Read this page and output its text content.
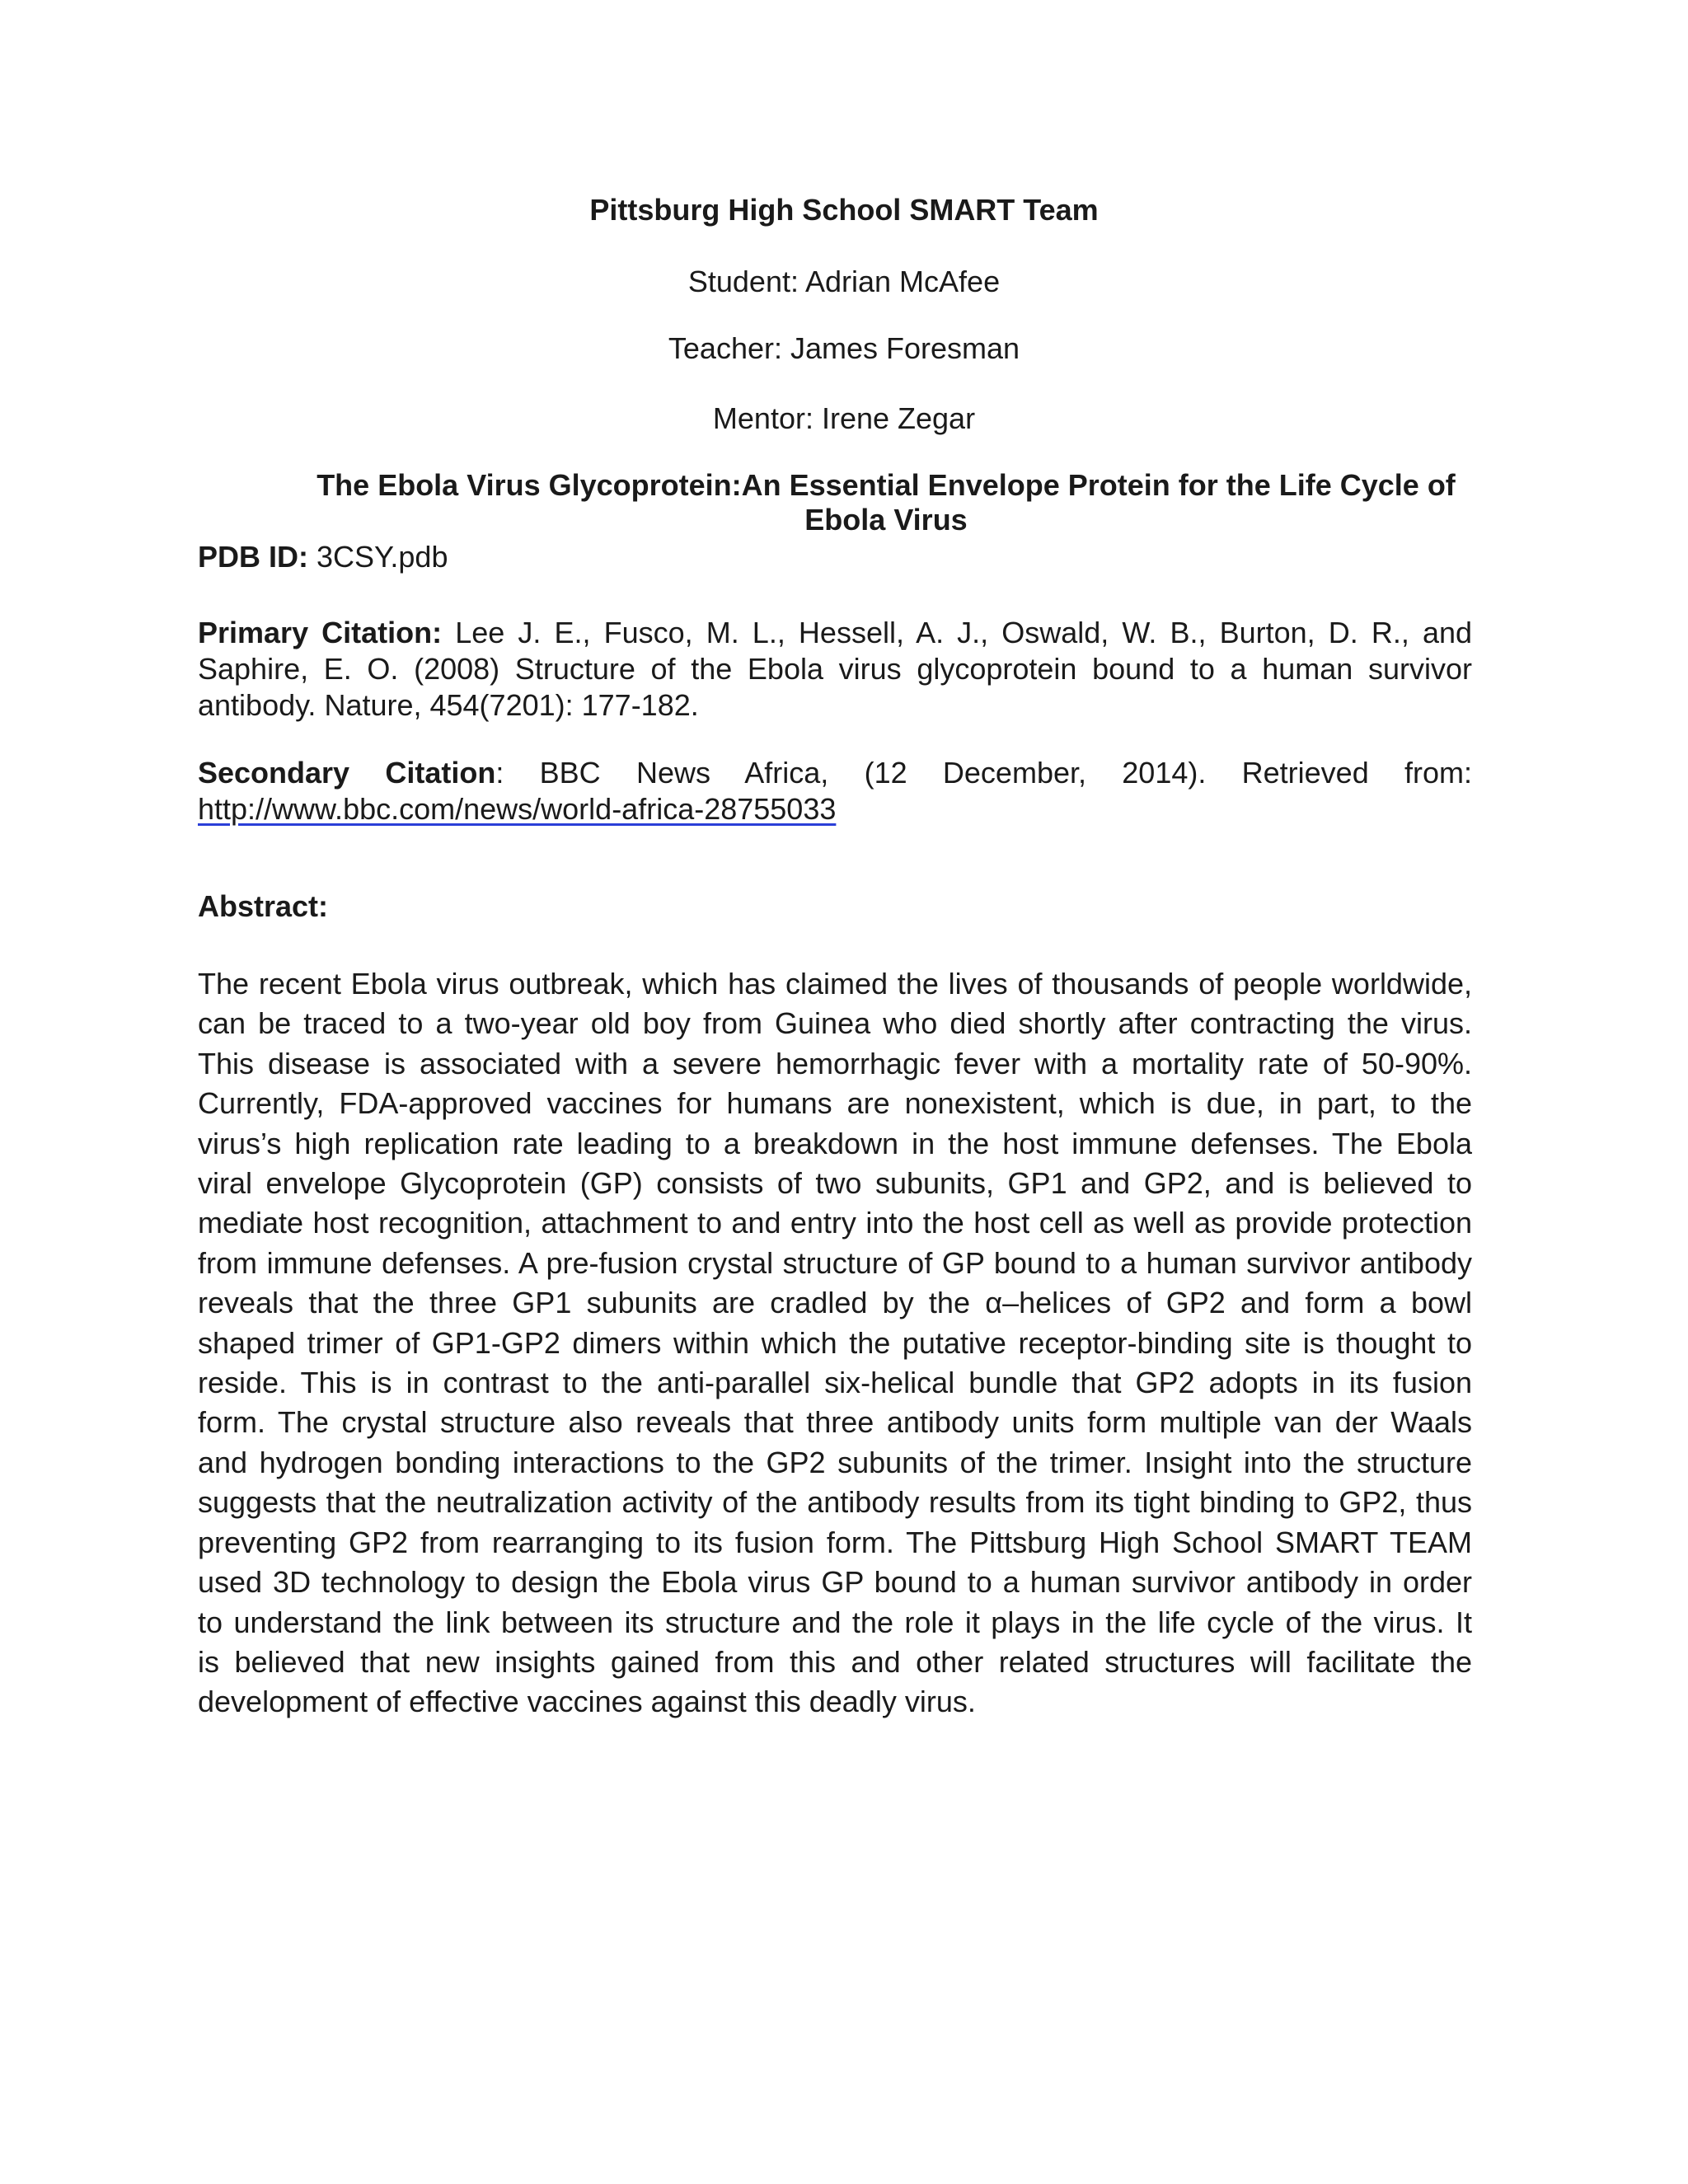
Pittsburg High School SMART Team
Student: Adrian McAfee
Teacher: James Foresman
Mentor: Irene Zegar
The Ebola Virus Glycoprotein:An Essential Envelope Protein for the Life Cycle of
Ebola Virus
PDB ID: 3CSY.pdb
Primary Citation: Lee J. E., Fusco, M. L., Hessell, A. J., Oswald, W. B., Burton, D. R., and Saphire, E. O. (2008) Structure of the Ebola virus glycoprotein bound to a human survivor antibody. Nature, 454(7201): 177-182.
Secondary Citation: BBC News Africa, (12 December, 2014). Retrieved from:
http://www.bbc.com/news/world-africa-28755033
Abstract:
The recent Ebola virus outbreak, which has claimed the lives of thousands of people worldwide,
can be traced to a two-year old boy from Guinea who died shortly after contracting the virus.
This disease is associated with a severe hemorrhagic fever with a mortality rate of 50-90%.
Currently, FDA-approved vaccines for humans are nonexistent, which is due, in part, to the
virus’s high replication rate leading to a breakdown in the host immune defenses. The Ebola
viral envelope Glycoprotein (GP) consists of two subunits, GP1 and GP2, and is believed to
mediate host recognition, attachment to and entry into the host cell as well as provide protection
from immune defenses. A pre-fusion crystal structure of GP bound to a human survivor antibody
reveals that the three GP1 subunits are cradled by the α–helices of GP2 and form a bowl
shaped trimer of GP1-GP2 dimers within which the putative receptor-binding site is thought to
reside. This is in contrast to the anti-parallel six-helical bundle that GP2 adopts in its fusion
form. The crystal structure also reveals that three antibody units form multiple van der Waals
and hydrogen bonding interactions to the GP2 subunits of the trimer. Insight into the structure
suggests that the neutralization activity of the antibody results from its tight binding to GP2, thus
preventing GP2 from rearranging to its fusion form. The Pittsburg High School SMART TEAM
used 3D technology to design the Ebola virus GP bound to a human survivor antibody in order
to understand the link between its structure and the role it plays in the life cycle of the virus. It
is believed that new insights gained from this and other related structures will facilitate the
development of effective vaccines against this deadly virus.
